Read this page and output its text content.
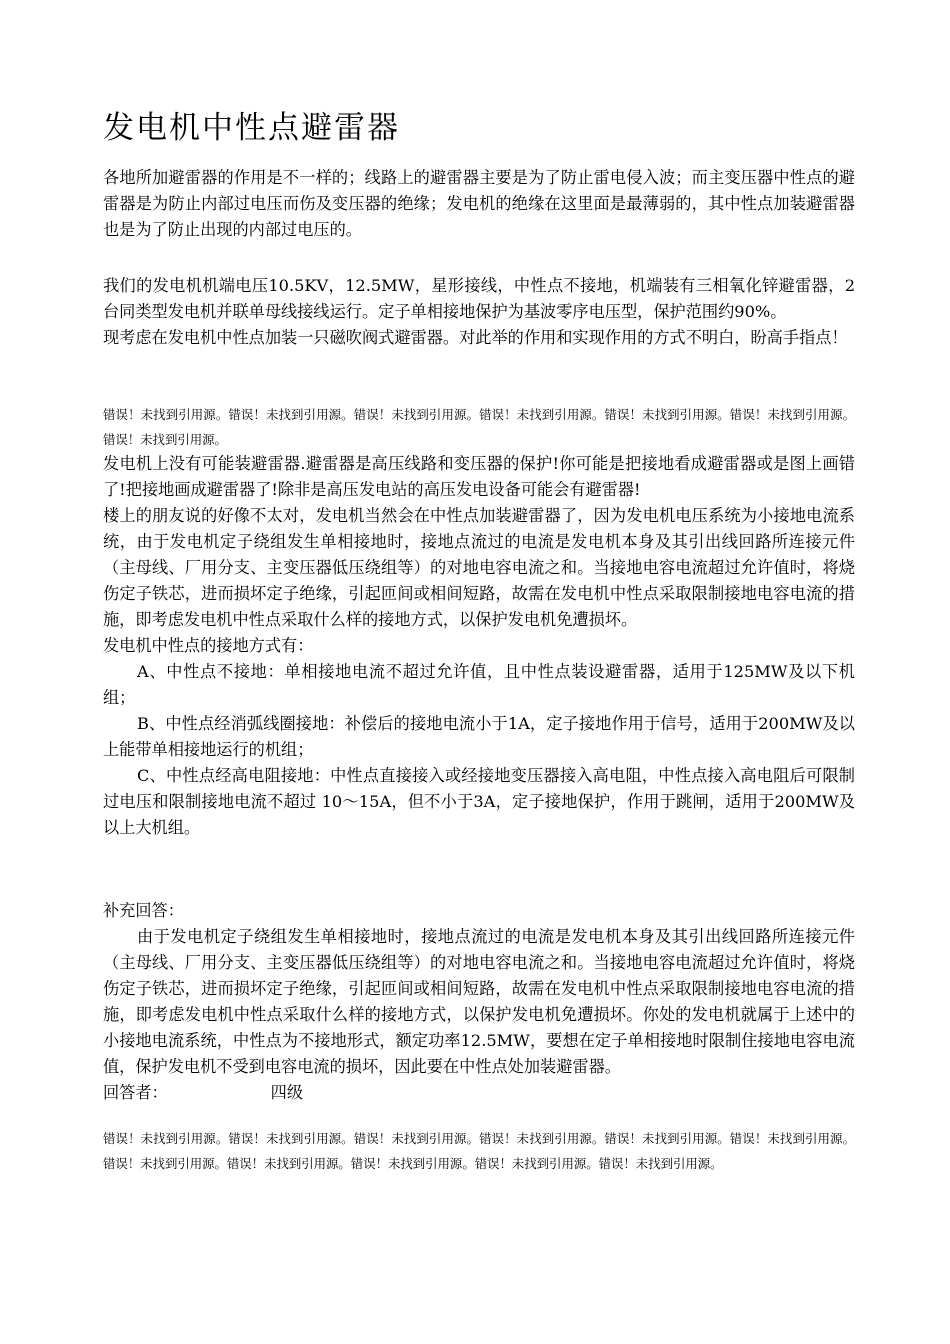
发电机中性点避雷器

各地所加避雷器的作用是不一样的；线路上的避雷器主要是为了防止雷电侵入波；而主变压器中性点的避雷器是为防止内部过电压而伤及变压器的绝缘；发电机的绝缘在这里面是最薄弱的，其中性点加装避雷器也是为了防止出现的内部过电压的。

我们的发电机机端电压10.5KV，12.5MW，星形接线，中性点不接地，机端装有三相氧化锌避雷器，2台同类型发电机并联单母线接线运行。定子单相接地保护为基波零序电压型，保护范围约90%。

现考虑在发电机中性点加装一只磁吹阀式避雷器。对此举的作用和实现作用的方式不明白，盼高手指点！

错误！未找到引用源。错误！未找到引用源。错误！未找到引用源。错误！未找到引用源。错误！未找到引用源。错误！未找到引用源。错误！未找到引用源。

发电机上没有可能装避雷器.避雷器是高压线路和变压器的保护!你可能是把接地看成避雷器或是图上画错了!把接地画成避雷器了!除非是高压发电站的高压发电设备可能会有避雷器!

楼上的朋友说的好像不太对，发电机当然会在中性点加装避雷器了，因为发电机电压系统为小接地电流系统，由于发电机定子绕组发生单相接地时，接地点流过的电流是发电机本身及其引出线回路所连接元件（主母线、厂用分支、主变压器低压绕组等）的对地电容电流之和。当接地电容电流超过允许值时，将烧伤定子铁芯，进而损坏定子绝缘，引起匝间或相间短路，故需在发电机中性点采取限制接地电容电流的措施，即考虑发电机中性点采取什么样的接地方式，以保护发电机免遭损坏。

发电机中性点的接地方式有：

A、中性点不接地：单相接地电流不超过允许值，且中性点装设避雷器，适用于125MW及以下机组；

B、中性点经消弧线圈接地：补偿后的接地电流小于1A，定子接地作用于信号，适用于200MW及以上能带单相接地运行的机组；

C、中性点经高电阻接地：中性点直接接入或经接地变压器接入高电阻，中性点接入高电阻后可限制过电压和限制接地电流不超过 10～15A，但不小于3A，定子接地保护，作用于跳闸，适用于200MW及以上大机组。

补充回答：

由于发电机定子绕组发生单相接地时，接地点流过的电流是发电机本身及其引出线回路所连接元件（主母线、厂用分支、主变压器低压绕组等）的对地电容电流之和。当接地电容电流超过允许值时，将烧伤定子铁芯，进而损坏定子绝缘，引起匝间或相间短路，故需在发电机中性点采取限制接地电容电流的措施，即考虑发电机中性点采取什么样的接地方式，以保护发电机免遭损坏。你处的发电机就属于上述中的小接地电流系统，中性点为不接地形式，额定功率12.5MW，要想在定子单相接地时限制住接地电容电流值，保护发电机不受到电容电流的损坏，因此要在中性点处加装避雷器。

回答者：	四级

错误！未找到引用源。错误！未找到引用源。错误！未找到引用源。错误！未找到引用源。错误！未找到引用源。错误！未找到引用源。错误！未找到引用源。错误！未找到引用源。错误！未找到引用源。错误！未找到引用源。错误！未找到引用源。
